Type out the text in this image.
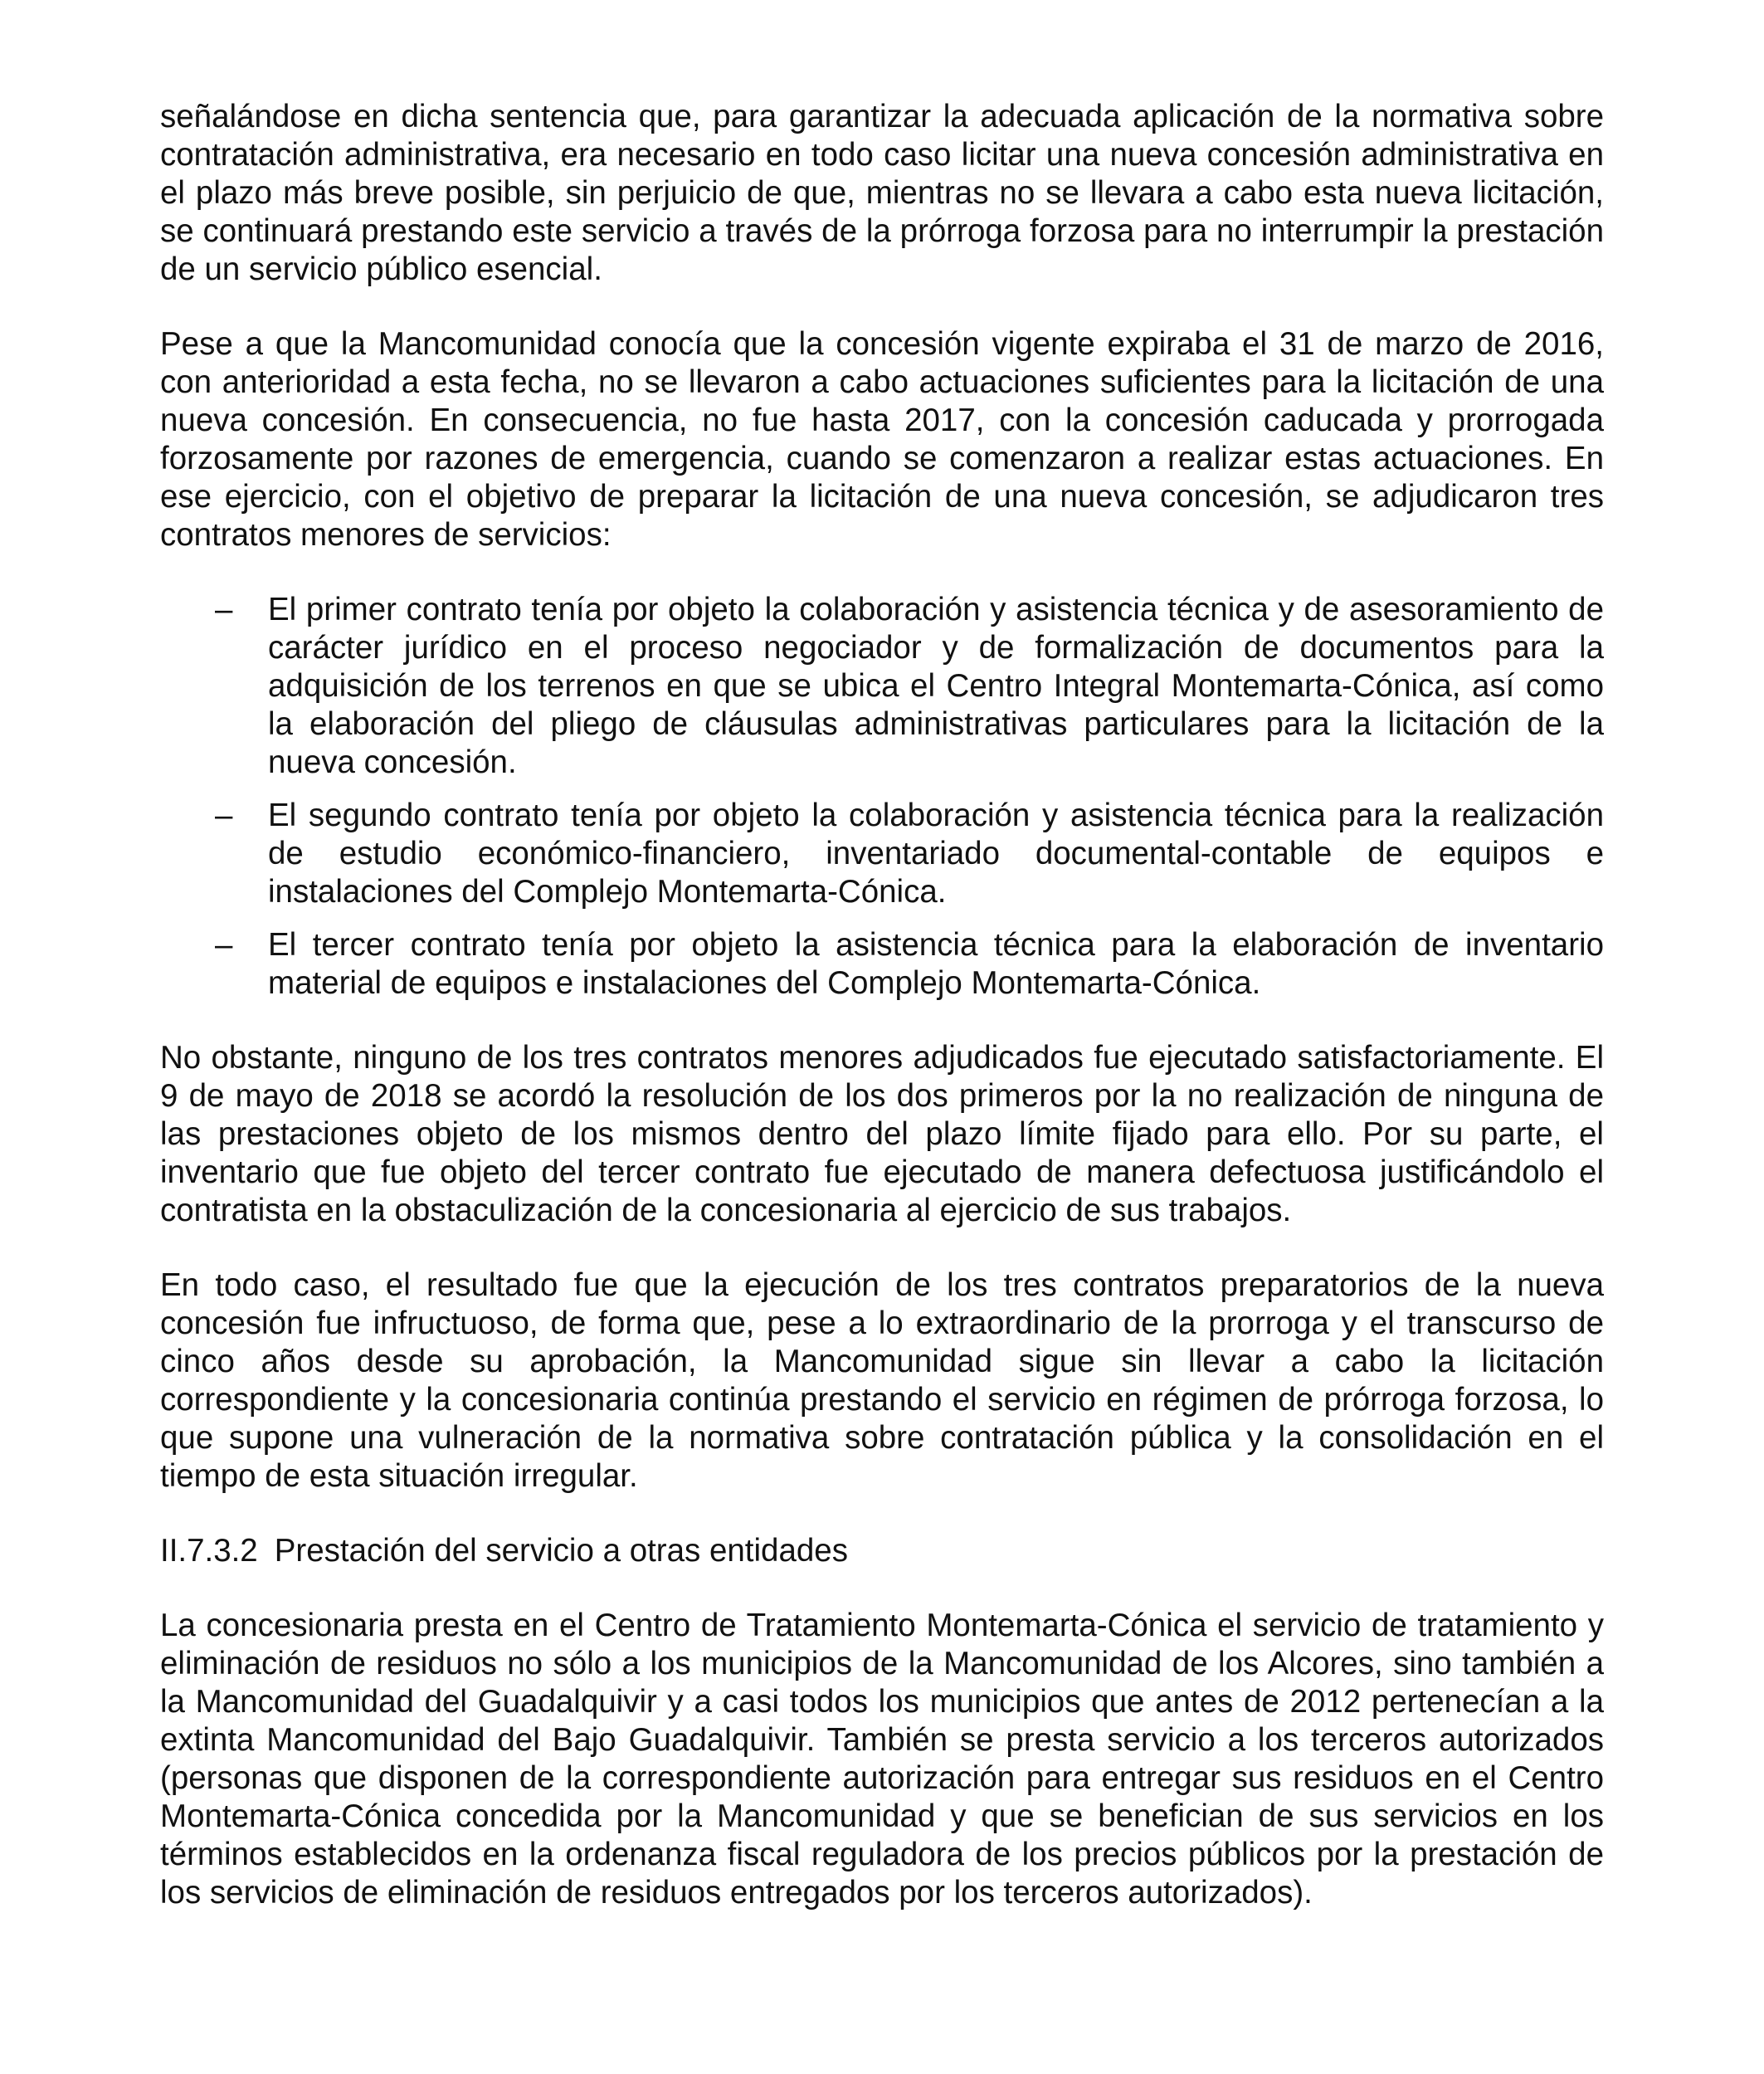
señalándose en dicha sentencia que, para garantizar la adecuada aplicación de la normativa sobre contratación administrativa, era necesario en todo caso licitar una nueva concesión administrativa en el plazo más breve posible, sin perjuicio de que, mientras no se llevara a cabo esta nueva licitación, se continuará prestando este servicio a través de la prórroga forzosa para no interrumpir la prestación de un servicio público esencial.

Pese a que la Mancomunidad conocía que la concesión vigente expiraba el 31 de marzo de 2016, con anterioridad a esta fecha, no se llevaron a cabo actuaciones suficientes para la licitación de una nueva concesión. En consecuencia, no fue hasta 2017, con la concesión caducada y prorrogada forzosamente por razones de emergencia, cuando se comenzaron a realizar estas actuaciones. En ese ejercicio, con el objetivo de preparar la licitación de una nueva concesión, se adjudicaron tres contratos menores de servicios:

– El primer contrato tenía por objeto la colaboración y asistencia técnica y de asesoramiento de carácter jurídico en el proceso negociador y de formalización de documentos para la adquisición de los terrenos en que se ubica el Centro Integral Montemarta-Cónica, así como la elaboración del pliego de cláusulas administrativas particulares para la licitación de la nueva concesión.
– El segundo contrato tenía por objeto la colaboración y asistencia técnica para la realización de estudio económico-financiero, inventariado documental-contable de equipos e instalaciones del Complejo Montemarta-Cónica.
– El tercer contrato tenía por objeto la asistencia técnica para la elaboración de inventario material de equipos e instalaciones del Complejo Montemarta-Cónica.

No obstante, ninguno de los tres contratos menores adjudicados fue ejecutado satisfactoriamente. El 9 de mayo de 2018 se acordó la resolución de los dos primeros por la no realización de ninguna de las prestaciones objeto de los mismos dentro del plazo límite fijado para ello. Por su parte, el inventario que fue objeto del tercer contrato fue ejecutado de manera defectuosa justificándolo el contratista en la obstaculización de la concesionaria al ejercicio de sus trabajos.

En todo caso, el resultado fue que la ejecución de los tres contratos preparatorios de la nueva concesión fue infructuoso, de forma que, pese a lo extraordinario de la prorroga y el transcurso de cinco años desde su aprobación, la Mancomunidad sigue sin llevar a cabo la licitación correspondiente y la concesionaria continúa prestando el servicio en régimen de prórroga forzosa, lo que supone una vulneración de la normativa sobre contratación pública y la consolidación en el tiempo de esta situación irregular.

II.7.3.2 Prestación del servicio a otras entidades

La concesionaria presta en el Centro de Tratamiento Montemarta-Cónica el servicio de tratamiento y eliminación de residuos no sólo a los municipios de la Mancomunidad de los Alcores, sino también a la Mancomunidad del Guadalquivir y a casi todos los municipios que antes de 2012 pertenecían a la extinta Mancomunidad del Bajo Guadalquivir. También se presta servicio a los terceros autorizados (personas que disponen de la correspondiente autorización para entregar sus residuos en el Centro Montemarta-Cónica concedida por la Mancomunidad y que se benefician de sus servicios en los términos establecidos en la ordenanza fiscal reguladora de los precios públicos por la prestación de los servicios de eliminación de residuos entregados por los terceros autorizados).
